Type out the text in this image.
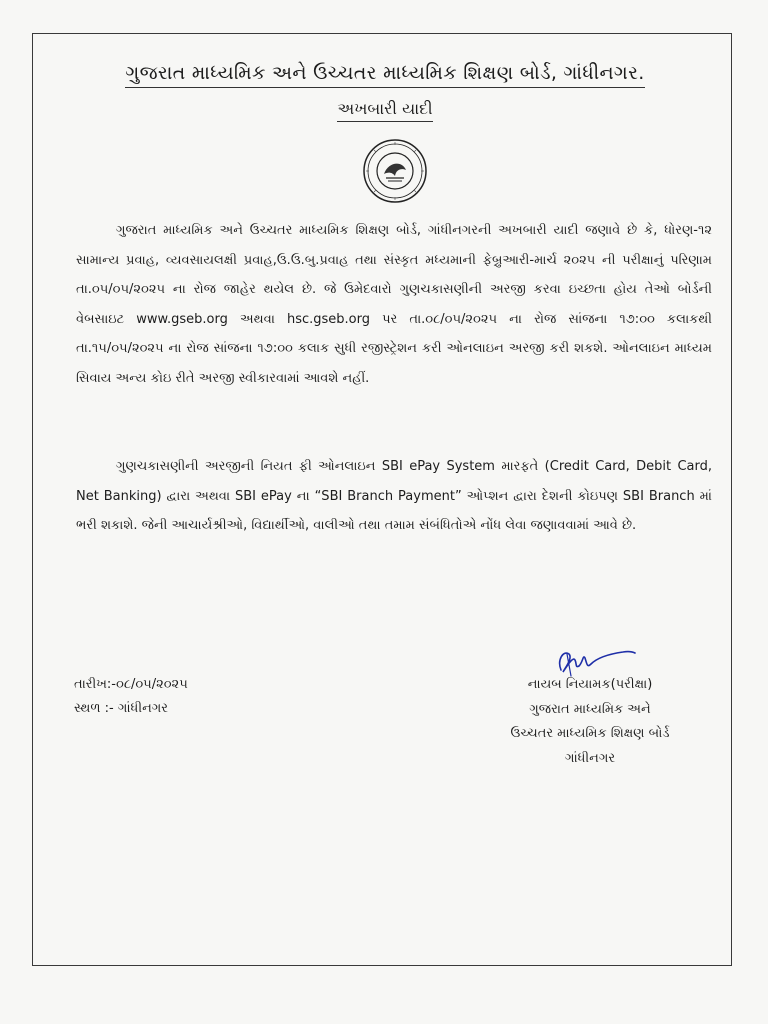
ગુજરાત માધ્યમિક અને ઉચ્ચતર માધ્યમિક શિક્ષણ બોર્ડ, ગાંધીનગર.
અખબારી યાદી

ગુજરાત માધ્યમિક અને ઉચ્ચતર માધ્યમિક શિક્ષણ બોર્ડ, ગાંધીનગરની અખબારી યાદી જણાવે છે કે, ધોરણ-૧૨ સામાન્ય પ્રવાહ, વ્યવસાયલક્ષી પ્રવાહ,ઉ.ઉ.બુ.પ્રવાહ તથા સંસ્કૃત મધ્યમાની ફેબ્રુઆરી-માર્ચ ૨૦૨૫ ની પરીક્ષાનું પરિણામ તા.૦૫/૦૫/૨૦૨૫ ના રોજ જાહેર થયેલ છે. જે ઉમેદવારો ગુણચકાસણીની અરજી કરવા ઇચ્છતા હોય તેઓ બોર્ડની વેબસાઇટ www.gseb.org અથવા hsc.gseb.org પર તા.૦૮/૦૫/૨૦૨૫ ના રોજ સાંજના ૧૭:૦૦ કલાકથી તા.૧૫/૦૫/૨૦૨૫ ના રોજ સાંજના ૧૭:૦૦ કલાક સુધી રજીસ્ટ્રેશન કરી ઓનલાઇન અરજી કરી શકશે. ઓનલાઇન માધ્યમ સિવાય અન્ય કોઇ રીતે અરજી સ્વીકારવામાં આવશે નહીં.

ગુણચકાસણીની અરજીની નિયત ફી ઓનલાઇન SBI ePay System મારફતે (Credit Card, Debit Card, Net Banking) દ્વારા અથવા SBI ePay ના “SBI Branch Payment” ઓપ્શન દ્વારા દેશની કોઇપણ SBI Branch માં ભરી શકાશે. જેની આચાર્યશ્રીઓ, વિદ્યાર્થીઓ, વાલીઓ તથા તમામ સંબંધિતોએ નોંધ લેવા જણાવવામાં આવે છે.

તારીખ:-૦૮/૦૫/૨૦૨૫
સ્થળ :- ગાંધીનગર
નાયબ નિયામક(પરીક્ષા)
ગુજરાત માધ્યમિક અને
ઉચ્ચતર માધ્યમિક શિક્ષણ બોર્ડ
ગાંધીનગર
